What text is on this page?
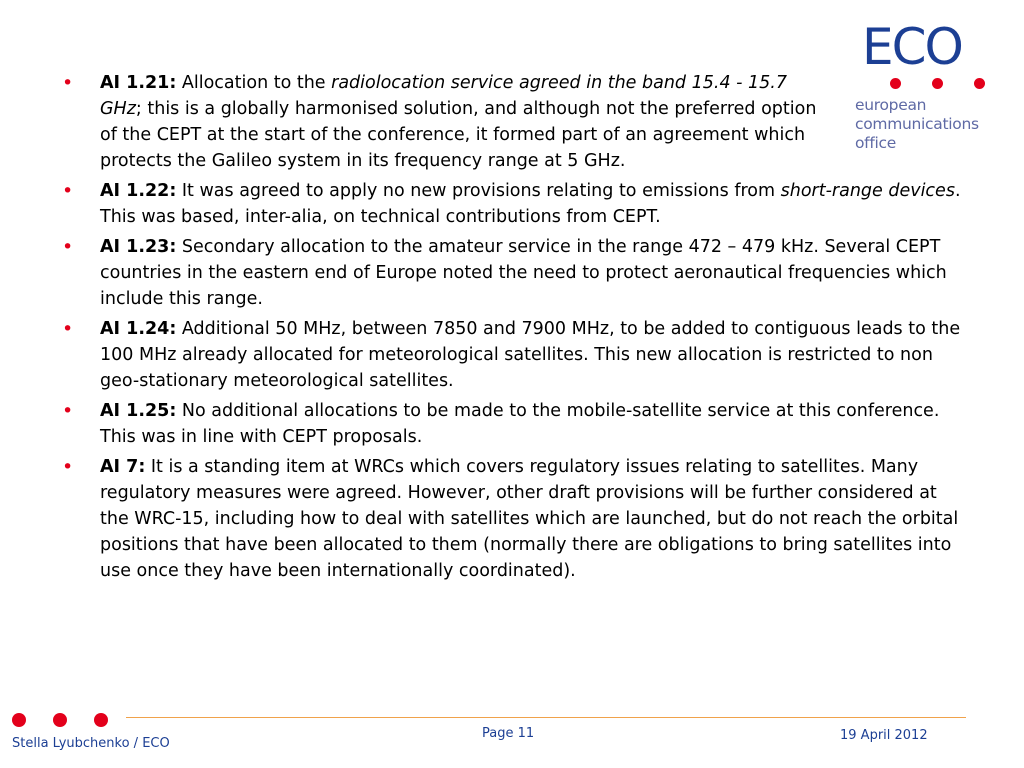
ECO
european
communications
office
• AI 1.21: Allocation to the radiolocation service agreed in the band 15.4 - 15.7 GHz; this is a globally harmonised solution, and although not the preferred option of the CEPT at the start of the conference, it formed part of an agreement which protects the Galileo system in its frequency range at 5 GHz.
• AI 1.22: It was agreed to apply no new provisions relating to emissions from short-range devices. This was based, inter-alia, on technical contributions from CEPT.
• AI 1.23: Secondary allocation to the amateur service in the range 472 – 479 kHz. Several CEPT countries in the eastern end of Europe noted the need to protect aeronautical frequencies which include this range.
• AI 1.24: Additional 50 MHz, between 7850 and 7900 MHz, to be added to contiguous leads to the 100 MHz already allocated for meteorological satellites. This new allocation is restricted to non geo-stationary meteorological satellites.
• AI 1.25: No additional allocations to be made to the mobile-satellite service at this conference. This was in line with CEPT proposals.
• AI 7: It is a standing item at WRCs which covers regulatory issues relating to satellites. Many regulatory measures were agreed. However, other draft provisions will be further considered at the WRC-15, including how to deal with satellites which are launched, but do not reach the orbital positions that have been allocated to them (normally there are obligations to bring satellites into use once they have been internationally coordinated).
Stella Lyubchenko / ECO
Page 11	19 April 2012
